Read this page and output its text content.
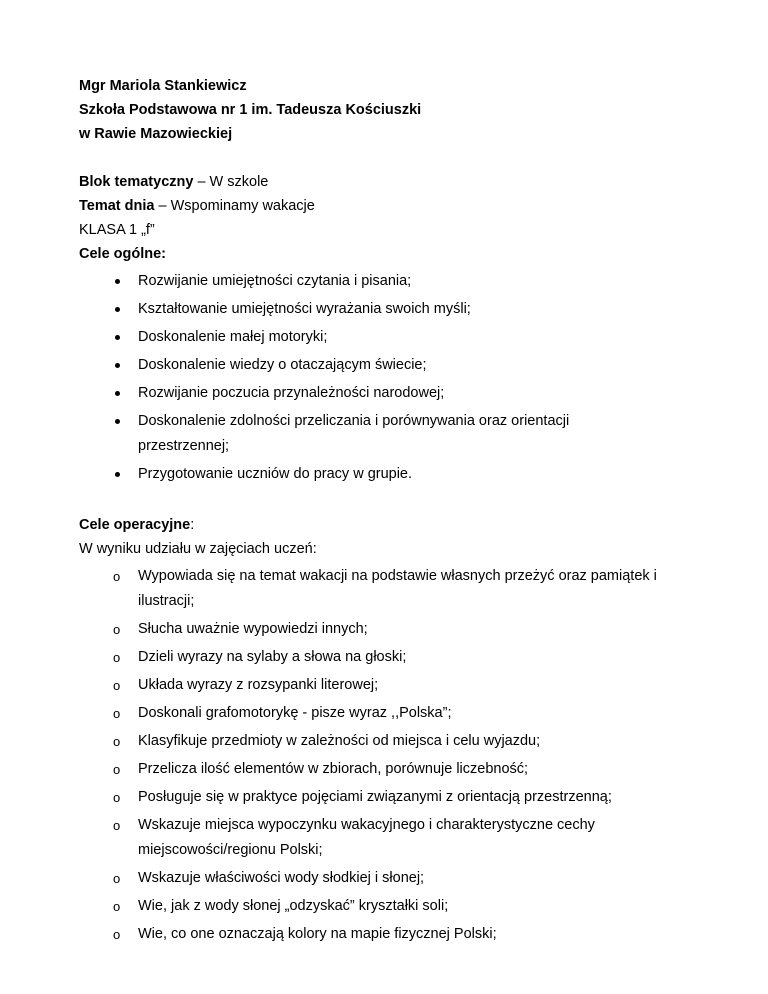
Mgr Mariola Stankiewicz
Szkoła Podstawowa nr 1 im. Tadeusza Kościuszki
w Rawie Mazowieckiej
Blok tematyczny – W szkole
Temat dnia – Wspominamy wakacje
KLASA 1 „f”
Cele ogólne:
Rozwijanie umiejętności czytania i pisania;
Kształtowanie umiejętności wyrażania swoich myśli;
Doskonalenie małej motoryki;
Doskonalenie wiedzy o otaczającym świecie;
Rozwijanie poczucia przynależności narodowej;
Doskonalenie zdolności przeliczania i porównywania oraz orientacji przestrzennej;
Przygotowanie uczniów do pracy w grupie.
Cele operacyjne:
W wyniku udziału w zajęciach uczeń:
o Wypowiada się na temat wakacji na podstawie własnych przeżyć oraz pamiątek i ilustracji;
o Słucha uważnie wypowiedzi innych;
o Dzieli wyrazy na sylaby a słowa na głoski;
o Układa wyrazy z rozsypanki literowej;
o Doskonali grafomotorykę - pisze wyraz ,,Polska”;
o Klasyfikuje przedmioty w zależności od miejsca i celu wyjazdu;
o Przelicza ilość elementów w zbiorach, porównuje liczebność;
o Posługuje się w praktyce pojęciami związanymi z orientacją przestrzenną;
o Wskazuje miejsca wypoczynku wakacyjnego i charakterystyczne cechy miejscowości/regionu Polski;
o Wskazuje właściwości wody słodkiej i słonej;
o Wie, jak z wody słonej „odzyskać” kryształki soli;
o Wie, co one oznaczają kolory na mapie fizycznej Polski;
